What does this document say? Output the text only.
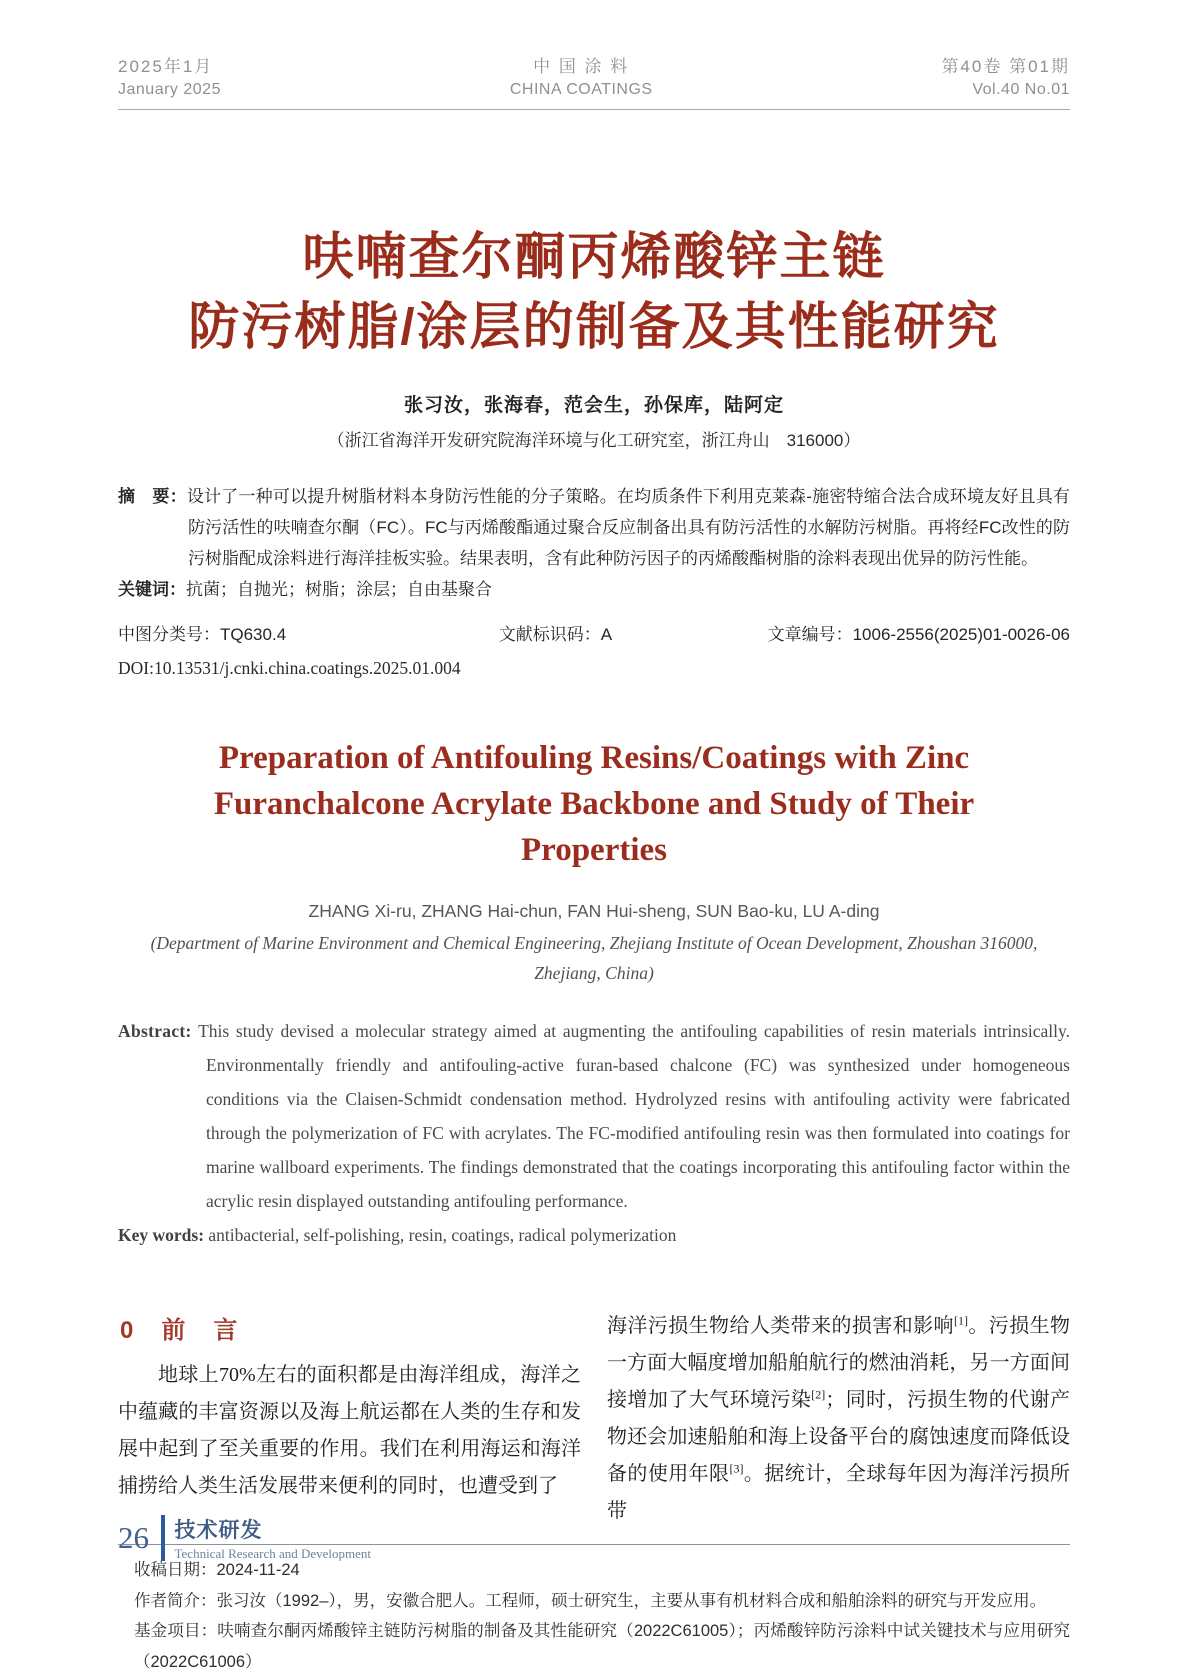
2025年1月
January 2025
中 国 涂 料
CHINA COATINGS
第40卷 第01期
Vol.40 No.01
呋喃查尔酮丙烯酸锌主链
防污树脂/涂层的制备及其性能研究
张习汝，张海春，范会生，孙保库，陆阿定
（浙江省海洋开发研究院海洋环境与化工研究室，浙江舟山　316000）

摘　要：设计了一种可以提升树脂材料本身防污性能的分子策略。在均质条件下利用克莱森-施密特缩合法合成环境友好且具有防污活性的呋喃查尔酮（FC）。FC与丙烯酸酯通过聚合反应制备出具有防污活性的水解防污树脂。再将经FC改性的防污树脂配成涂料进行海洋挂板实验。结果表明，含有此种防污因子的丙烯酸酯树脂的涂料表现出优异的防污性能。

关键词：抗菌；自抛光；树脂；涂层；自由基聚合

中图分类号：TQ630.4	文献标识码：A	文章编号：1006-2556(2025)01-0026-06
DOI:10.13531/j.cnki.china.coatings.2025.01.004
Preparation of Antifouling Resins/Coatings with Zinc
Furanchalcone Acrylate Backbone and Study of Their
Properties
ZHANG Xi-ru, ZHANG Hai-chun, FAN Hui-sheng, SUN Bao-ku, LU A-ding
(Department of Marine Environment and Chemical Engineering, Zhejiang Institute of Ocean Development, Zhoushan 316000, Zhejiang, China)

Abstract: This study devised a molecular strategy aimed at augmenting the antifouling capabilities of resin materials intrinsically. Environmentally friendly and antifouling-active furan-based chalcone (FC) was synthesized under homogeneous conditions via the Claisen-Schmidt condensation method. Hydrolyzed resins with antifouling activity were fabricated through the polymerization of FC with acrylates. The FC-modified antifouling resin was then formulated into coatings for marine wallboard experiments. The findings demonstrated that the coatings incorporating this antifouling factor within the acrylic resin displayed outstanding antifouling performance.

Key words: antibacterial, self-polishing, resin, coatings, radical polymerization

0 前　言

地球上70%左右的面积都是由海洋组成，海洋之中蕴藏的丰富资源以及海上航运都在人类的生存和发展中起到了至关重要的作用。我们在利用海运和海洋捕捞给人类生活发展带来便利的同时，也遭受到了

海洋污损生物给人类带来的损害和影响[1]。污损生物一方面大幅度增加船舶航行的燃油消耗，另一方面间接增加了大气环境污染[2]；同时，污损生物的代谢产物还会加速船舶和海上设备平台的腐蚀速度而降低设备的使用年限[3]。据统计，全球每年因为海洋污损所带

收稿日期：2024-11-24
作者简介：张习汝（1992–），男，安徽合肥人。工程师，硕士研究生，主要从事有机材料合成和船舶涂料的研究与开发应用。
基金项目：呋喃查尔酮丙烯酸锌主链防污树脂的制备及其性能研究（2022C61005）；丙烯酸锌防污涂料中试关键技术与应用研究（2022C61006）
26 技术研发
Technical Research and Development
